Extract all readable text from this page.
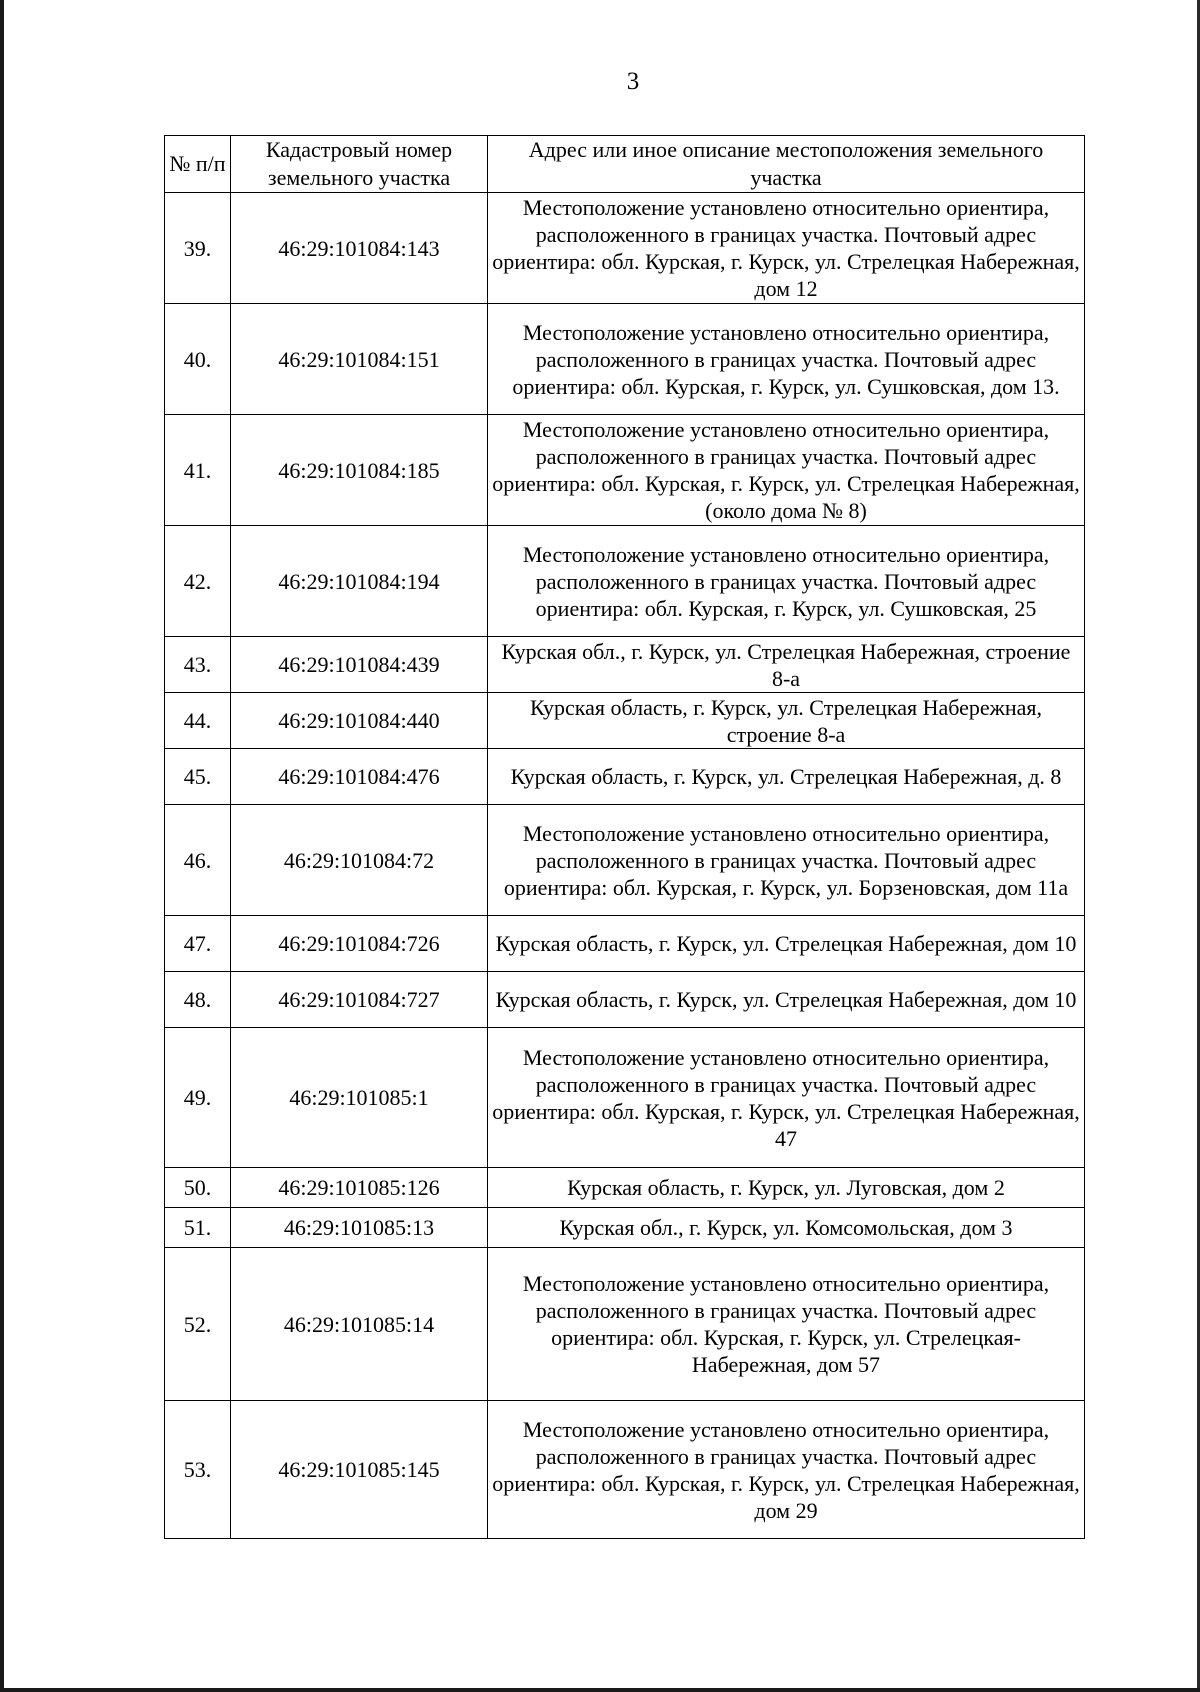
3
№ п/п	Кадастровый номер земельного участка	Адрес или иное описание местоположения земельного участка
39.	46:29:101084:143	Местоположение установлено относительно ориентира, расположенного в границах участка. Почтовый адрес ориентира: обл. Курская, г. Курск, ул. Стрелецкая Набережная, дом 12
40.	46:29:101084:151	Местоположение установлено относительно ориентира, расположенного в границах участка. Почтовый адрес ориентира: обл. Курская, г. Курск, ул. Сушковская, дом 13.
41.	46:29:101084:185	Местоположение установлено относительно ориентира, расположенного в границах участка. Почтовый адрес ориентира: обл. Курская, г. Курск, ул. Стрелецкая Набережная, (около дома № 8)
42.	46:29:101084:194	Местоположение установлено относительно ориентира, расположенного в границах участка. Почтовый адрес ориентира: обл. Курская, г. Курск, ул. Сушковская, 25
43.	46:29:101084:439	Курская обл., г. Курск, ул. Стрелецкая Набережная, строение 8-а
44.	46:29:101084:440	Курская область, г. Курск, ул. Стрелецкая Набережная, строение 8-а
45.	46:29:101084:476	Курская область, г. Курск, ул. Стрелецкая Набережная, д. 8
46.	46:29:101084:72	Местоположение установлено относительно ориентира, расположенного в границах участка. Почтовый адрес ориентира: обл. Курская, г. Курск, ул. Борзеновская, дом 11а
47.	46:29:101084:726	Курская область, г. Курск, ул. Стрелецкая Набережная, дом 10
48.	46:29:101084:727	Курская область, г. Курск, ул. Стрелецкая Набережная, дом 10
49.	46:29:101085:1	Местоположение установлено относительно ориентира, расположенного в границах участка. Почтовый адрес ориентира: обл. Курская, г. Курск, ул. Стрелецкая Набережная, 47
50.	46:29:101085:126	Курская область, г. Курск, ул. Луговская, дом 2
51.	46:29:101085:13	Курская обл., г. Курск, ул. Комсомольская, дом 3
52.	46:29:101085:14	Местоположение установлено относительно ориентира, расположенного в границах участка. Почтовый адрес ориентира: обл. Курская, г. Курск, ул. Стрелецкая-Набережная, дом 57
53.	46:29:101085:145	Местоположение установлено относительно ориентира, расположенного в границах участка. Почтовый адрес ориентира: обл. Курская, г. Курск, ул. Стрелецкая Набережная, дом 29
